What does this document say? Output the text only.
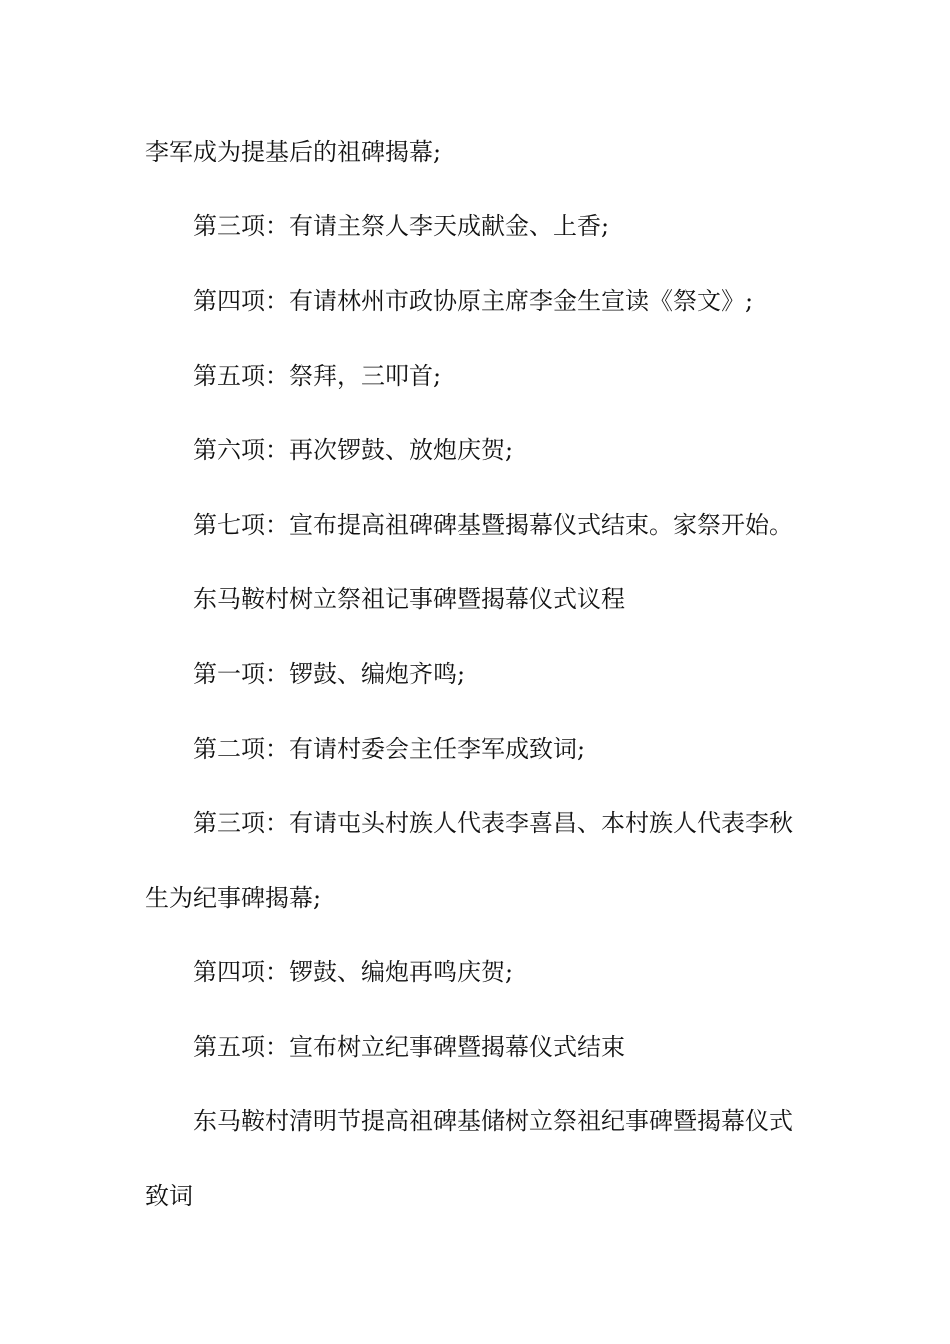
李军成为提基后的祖碑揭幕;
第三项：有请主祭人李天成献金、上香;
第四项：有请林州市政协原主席李金生宣读《祭文》;
第五项：祭拜，三叩首;
第六项：再次锣鼓、放炮庆贺;
第七项：宣布提高祖碑碑基暨揭幕仪式结束。家祭开始。
东马鞍村树立祭祖记事碑暨揭幕仪式议程
第一项：锣鼓、编炮齐鸣;
第二项：有请村委会主任李军成致词;
第三项：有请屯头村族人代表李喜昌、本村族人代表李秋
生为纪事碑揭幕;
第四项：锣鼓、编炮再鸣庆贺;
第五项：宣布树立纪事碑暨揭幕仪式结束
东马鞍村清明节提高祖碑基储树立祭祖纪事碑暨揭幕仪式
致词
